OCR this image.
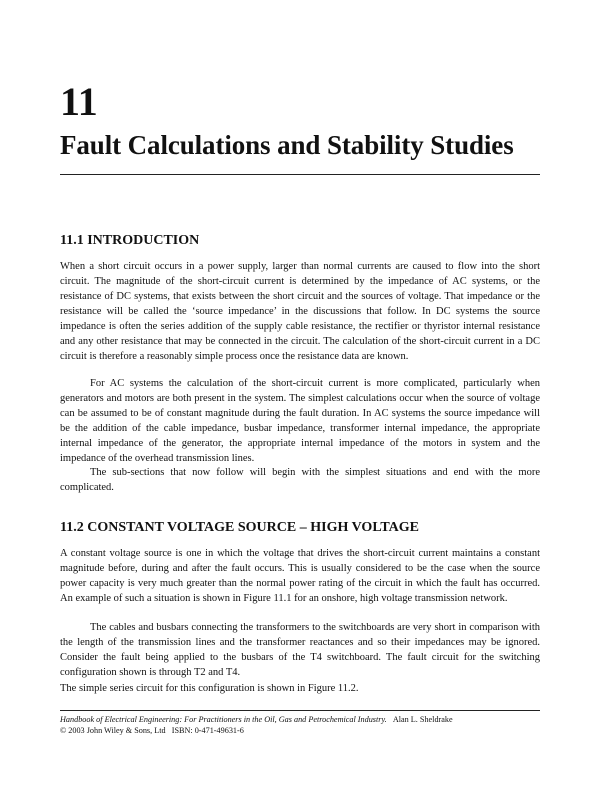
11
Fault Calculations and Stability Studies
11.1 INTRODUCTION

When a short circuit occurs in a power supply, larger than normal currents are caused to flow into the short circuit. The magnitude of the short-circuit current is determined by the impedance of AC systems, or the resistance of DC systems, that exists between the short circuit and the sources of voltage. That impedance or the resistance will be called the ‘source impedance’ in the discussions that follow. In DC systems the source impedance is often the series addition of the supply cable resistance, the rectifier or thyristor internal resistance and any other resistance that may be connected in the circuit. The calculation of the short-circuit current in a DC circuit is therefore a reasonably simple process once the resistance data are known.

For AC systems the calculation of the short-circuit current is more complicated, particularly when generators and motors are both present in the system. The simplest calculations occur when the source of voltage can be assumed to be of constant magnitude during the fault duration. In AC systems the source impedance will be the addition of the cable impedance, busbar impedance, transformer internal impedance, the appropriate internal impedance of the generator, the appropriate internal impedance of the motors in system and the impedance of the overhead transmission lines.

The sub-sections that now follow will begin with the simplest situations and end with the more complicated.

11.2 CONSTANT VOLTAGE SOURCE – HIGH VOLTAGE

A constant voltage source is one in which the voltage that drives the short-circuit current maintains a constant magnitude before, during and after the fault occurs. This is usually considered to be the case when the source power capacity is very much greater than the normal power rating of the circuit in which the fault has occurred. An example of such a situation is shown in Figure 11.1 for an onshore, high voltage transmission network.

The cables and busbars connecting the transformers to the switchboards are very short in comparison with the length of the transmission lines and the transformer reactances and so their impedances may be ignored. Consider the fault being applied to the busbars of the T4 switchboard. The fault circuit for the switching configuration shown is through T2 and T4.

The simple series circuit for this configuration is shown in Figure 11.2.

Handbook of Electrical Engineering: For Practitioners in the Oil, Gas and Petrochemical Industry. Alan L. Sheldrake

© 2003 John Wiley & Sons, Ltd ISBN: 0-471-49631-6
